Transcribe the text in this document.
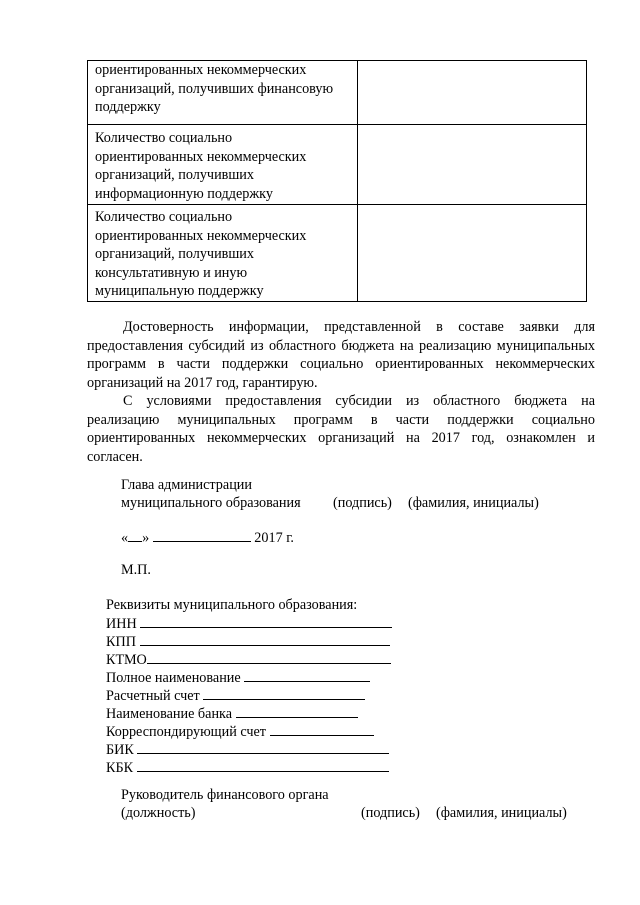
ориентированных некоммерческих
организаций, получивших финансовую
поддержку	

Количество социально
ориентированных некоммерческих
организаций, получивших
информационную поддержку	

Количество социально
ориентированных некоммерческих
организаций, получивших
консультативную и иную
муниципальную поддержку	

Достоверность информации, представленной в составе заявки для предоставления субсидий из областного бюджета на реализацию муниципальных программ в части поддержки социально ориентированных некоммерческих организаций на 2017 год, гарантирую.

С условиями предоставления субсидии из областного бюджета на реализацию муниципальных программ в части поддержки социально ориентированных некоммерческих организаций на 2017 год, ознакомлен и согласен.

Глава администрации
муниципального образования (подпись) (фамилия, инициалы)
« »	2017 г.
М.П.
Реквизиты муниципального образования:
ИНН
КПП
КТМО
Полное наименование
Расчетный счет
Наименование банка
Корреспондирующий счет
БИК
КБК
Руководитель финансового органа
(должность)	(подпись) (фамилия, инициалы)
